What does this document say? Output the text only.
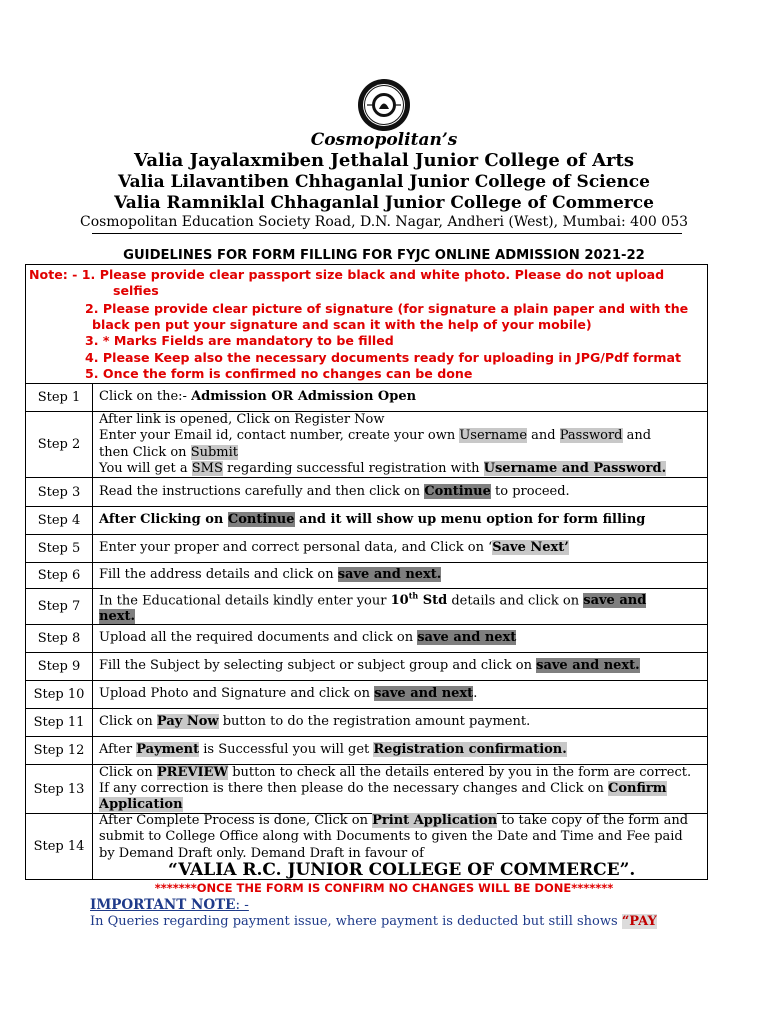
Cosmopolitan’s
Valia Jayalaxmiben Jethalal Junior College of Arts
Valia Lilavantiben Chhaganlal Junior College of Science
Valia Ramniklal Chhaganlal Junior College of Commerce
Cosmopolitan Education Society Road, D.N. Nagar, Andheri (West), Mumbai: 400 053
GUIDELINES FOR FORM FILLING FOR FYJC ONLINE ADMISSION 2021-22
Note: - 1. Please provide clear passport size black and white photo. Please do not upload
selfies
2. Please provide clear picture of signature (for signature a plain paper and with the
black pen put your signature and scan it with the help of your mobile)
3. * Marks Fields are mandatory to be filled
4. Please Keep also the necessary documents ready for uploading in JPG/Pdf format
5. Once the form is confirmed no changes can be done
Step 1	Click on the:- Admission OR Admission Open
Step 2
After link is opened, Click on Register Now
Enter your Email id, contact number, create your own Username and Password and
then Click on Submit
You will get a SMS regarding successful registration with Username and Password.
Step 3	Read the instructions carefully and then click on Continue to proceed.
Step 4	After Clicking on Continue and it will show up menu option for form filling
Step 5	Enter your proper and correct personal data, and Click on ‘Save Next’
Step 6	Fill the address details and click on save and next.
Step 7	In the Educational details kindly enter your 10th Std details and click on save and
next.
Step 8	Upload all the required documents and click on save and next
Step 9	Fill the Subject by selecting subject or subject group and click on save and next.
Step 10	Upload Photo and Signature and click on save and next.
Step 11	Click on Pay Now button to do the registration amount payment.
Step 12	After Payment is Successful you will get Registration confirmation.
Step 13
Click on PREVIEW button to check all the details entered by you in the form are correct.
If any correction is there then please do the necessary changes and Click on Confirm
Application
Step 14
After Complete Process is done, Click on Print Application to take copy of the form and
submit to College Office along with Documents to given the Date and Time and Fee paid
by Demand Draft only. Demand Draft in favour of
“VALIA R.C. JUNIOR COLLEGE OF COMMERCE”.
*******ONCE THE FORM IS CONFIRM NO CHANGES WILL BE DONE*******
IMPORTANT NOTE: -
In Queries regarding payment issue, where payment is deducted but still shows “PAY
